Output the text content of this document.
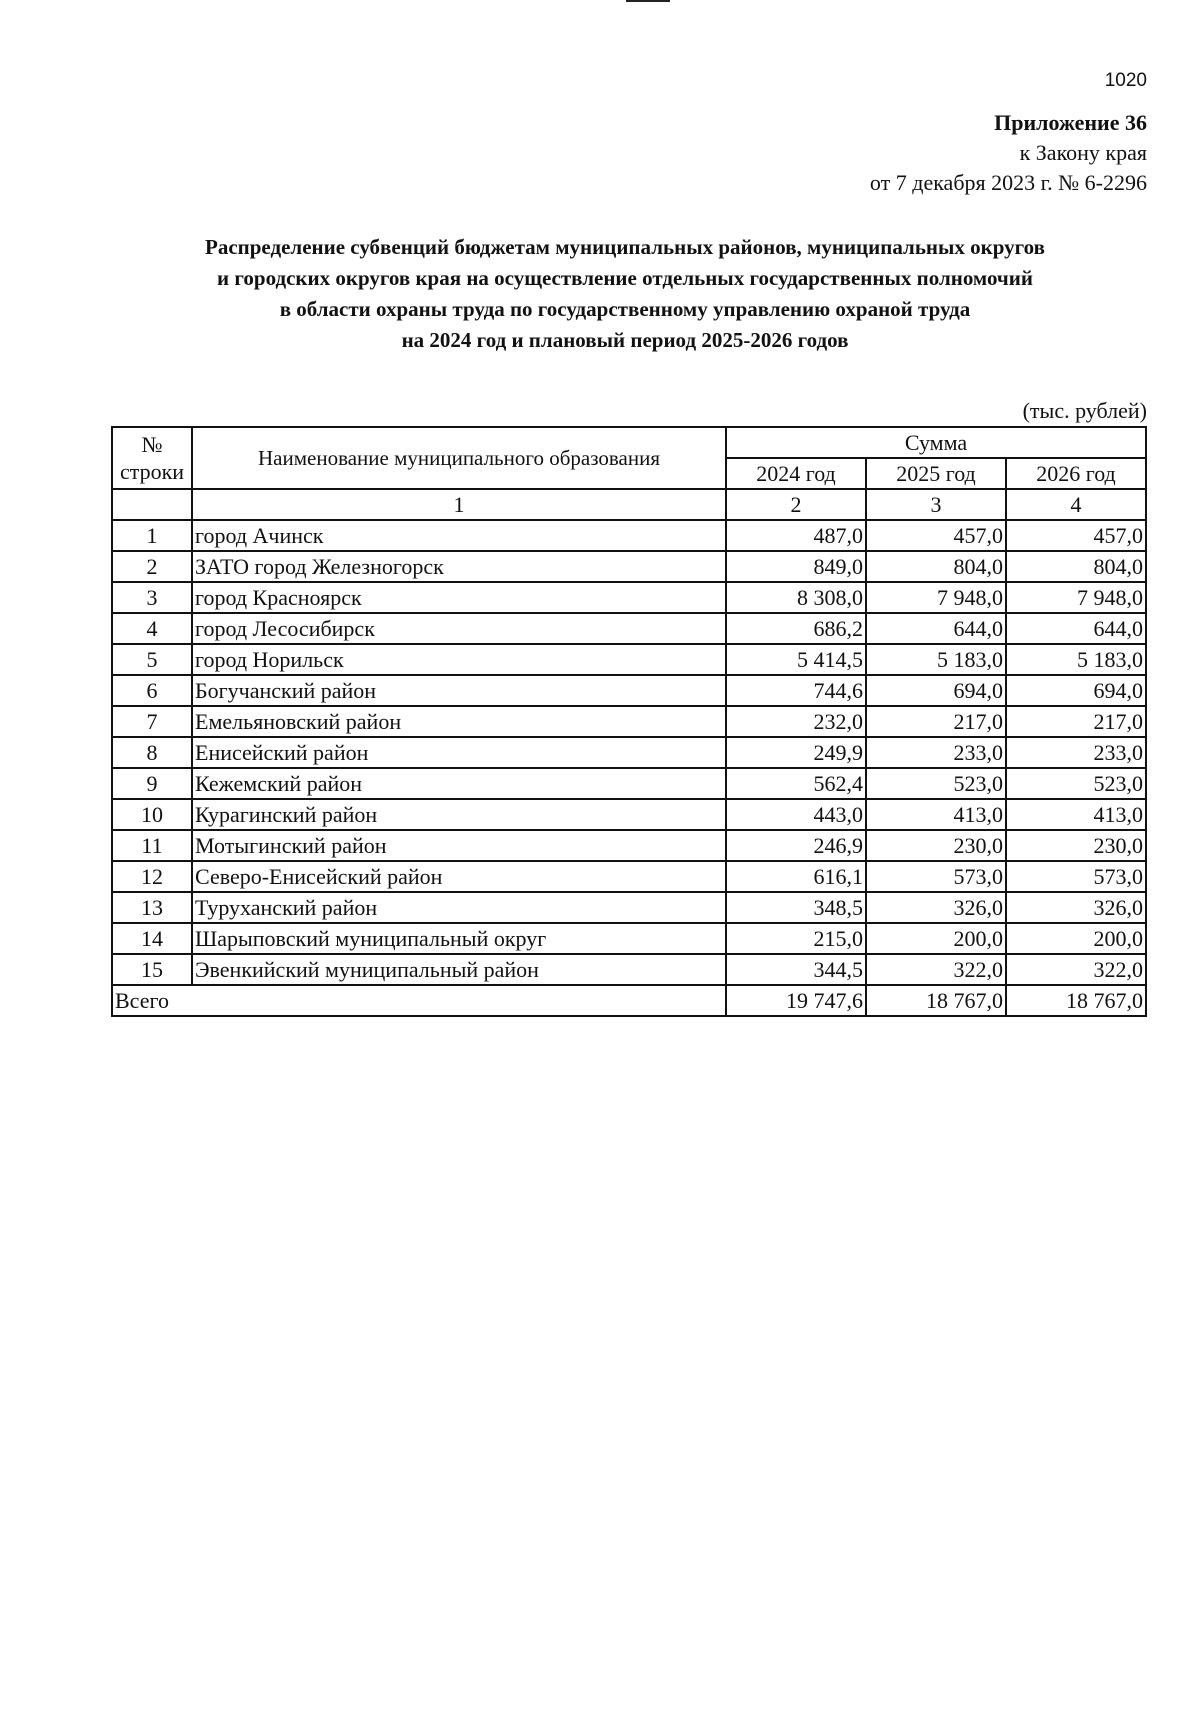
1020
Приложение 36
к Закону края
от 7 декабря 2023 г. № 6-2296
Распределение субвенций бюджетам муниципальных районов, муниципальных округов
и городских округов края на осуществление отдельных государственных полномочий
в области охраны труда по государственному управлению охраной труда
на 2024 год и плановый период 2025-2026 годов
(тыс. рублей)
№
строки	Наименование муниципального образования	Сумма		
		2024 год	2025 год	2026 год
	1	2	3	4
1	город Ачинск	487,0	457,0	457,0
2	ЗАТО город Железногорск	849,0	804,0	804,0
3	город Красноярск	8 308,0	7 948,0	7 948,0
4	город Лесосибирск	686,2	644,0	644,0
5	город Норильск	5 414,5	5 183,0	5 183,0
6	Богучанский район	744,6	694,0	694,0
7	Емельяновский район	232,0	217,0	217,0
8	Енисейский район	249,9	233,0	233,0
9	Кежемский район	562,4	523,0	523,0
10	Курагинский район	443,0	413,0	413,0
11	Мотыгинский район	246,9	230,0	230,0
12	Северо-Енисейский район	616,1	573,0	573,0
13	Туруханский район	348,5	326,0	326,0
14	Шарыповский муниципальный округ	215,0	200,0	200,0
15	Эвенкийский муниципальный район	344,5	322,0	322,0
Всего		19 747,6	18 767,0	18 767,0
